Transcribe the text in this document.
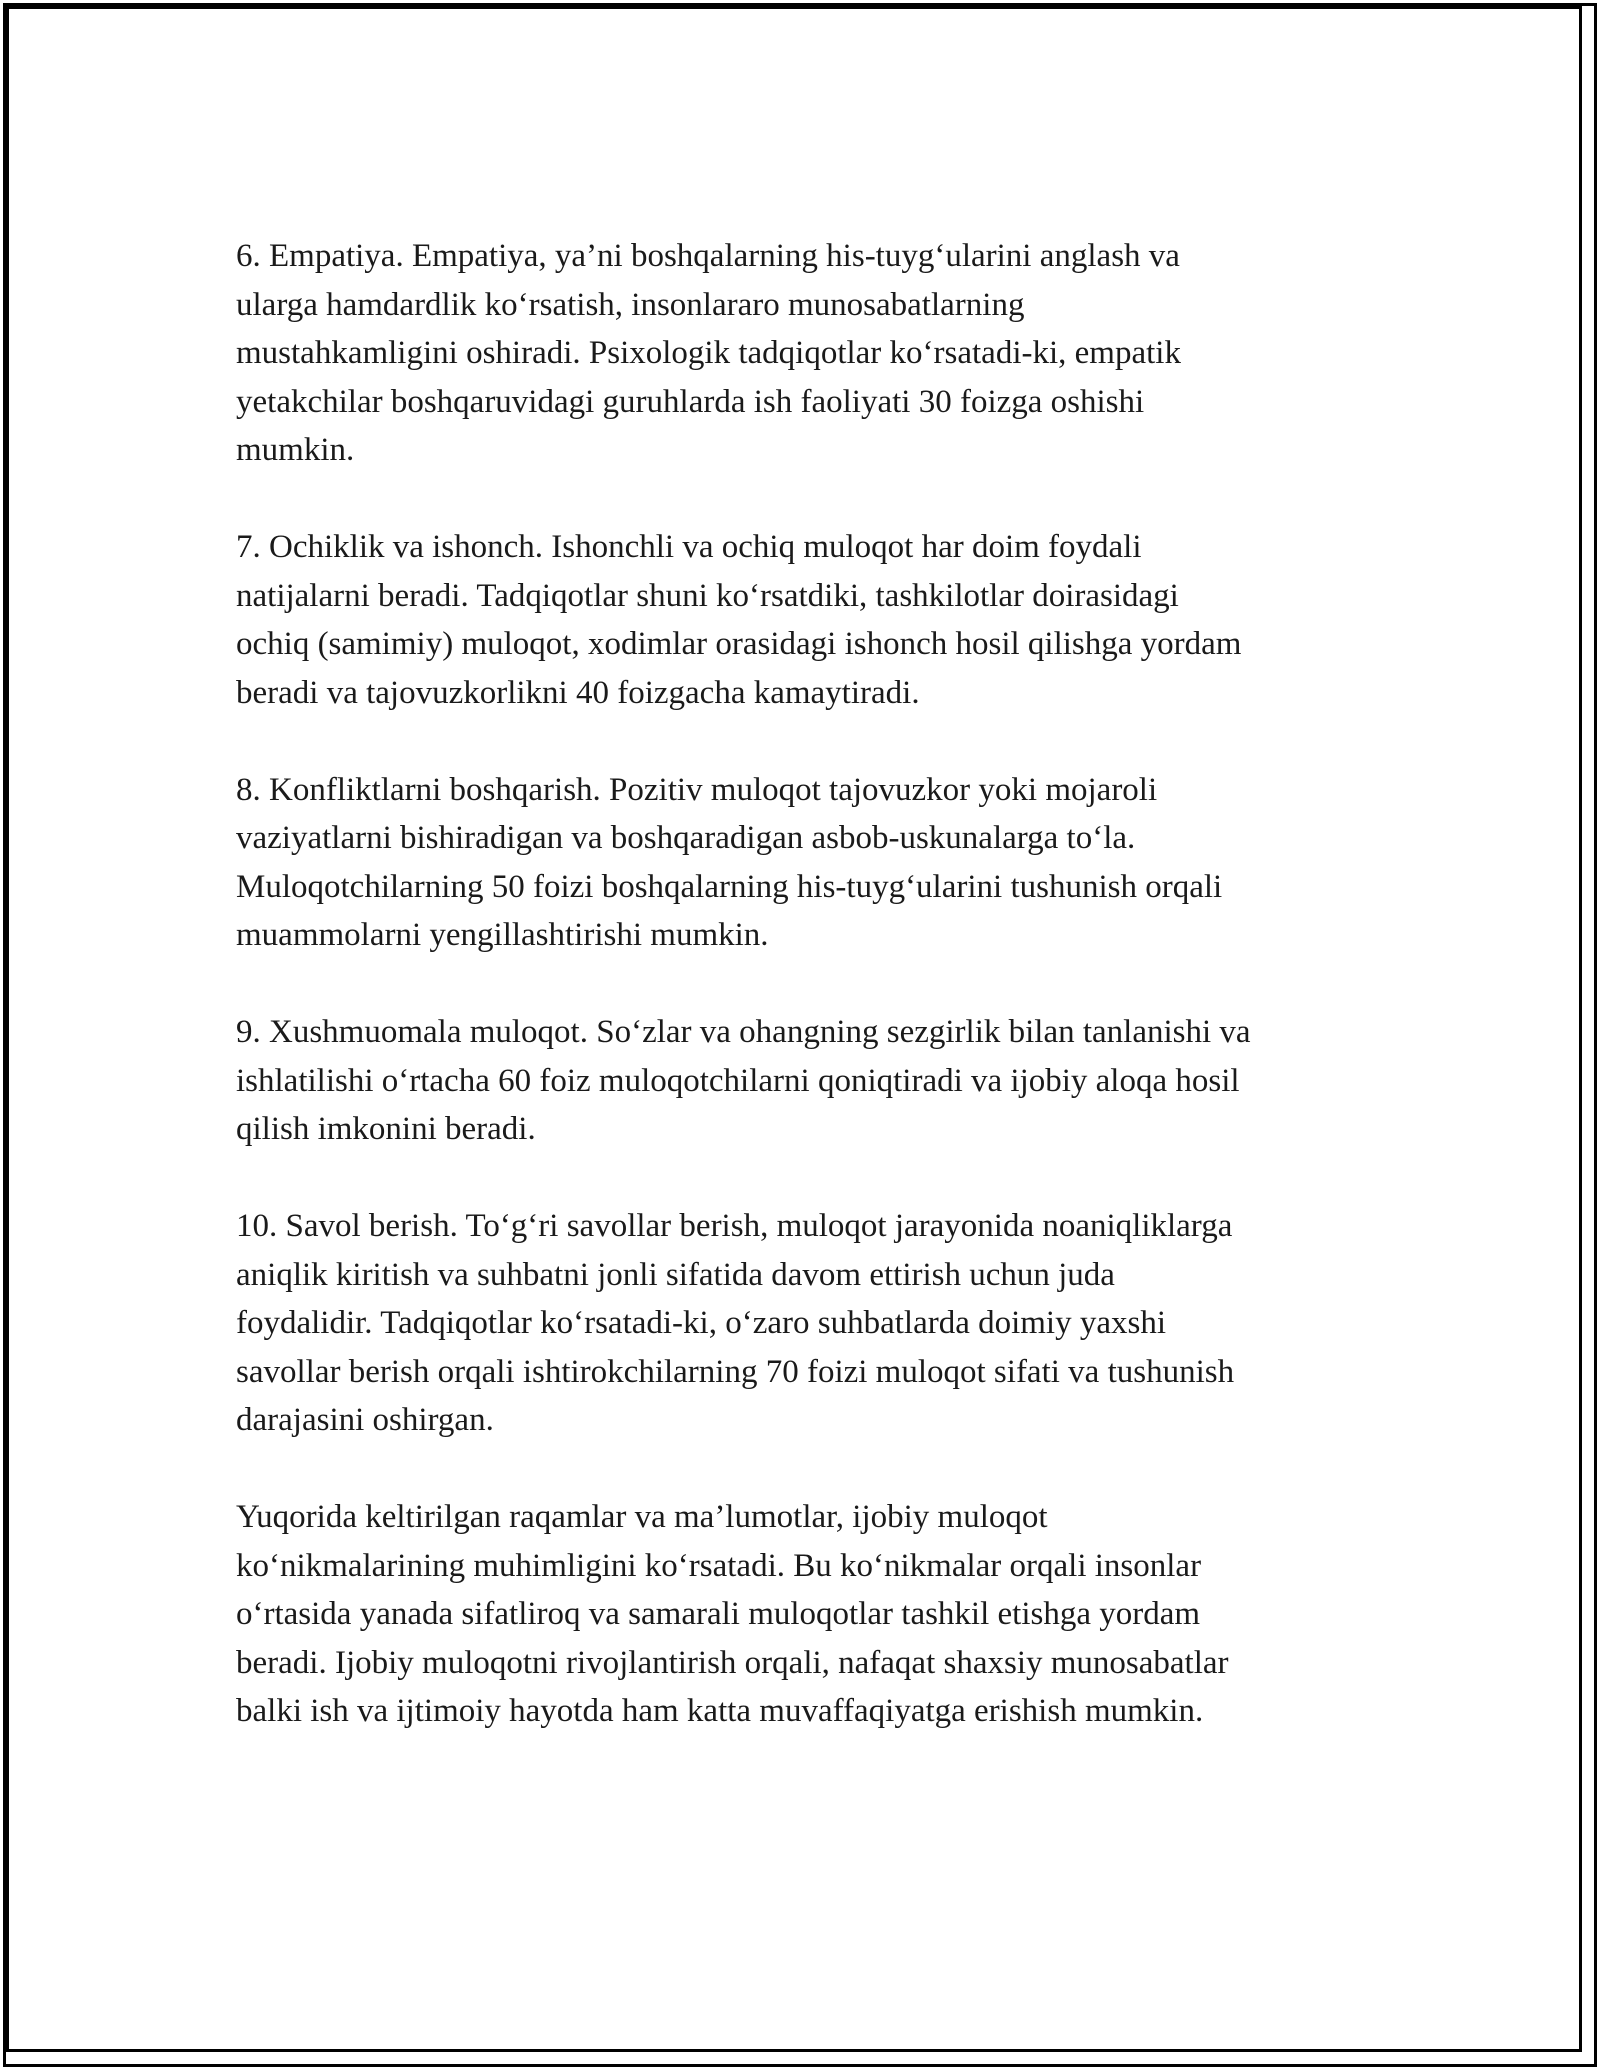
6. Empatiya. Empatiya, ya’ni boshqalarning his-tuyg‘ularini anglash va
ularga hamdardlik ko‘rsatish, insonlararo munosabatlarning
mustahkamligini oshiradi. Psixologik tadqiqotlar ko‘rsatadi-ki, empatik
yetakchilar boshqaruvidagi guruhlarda ish faoliyati 30 foizga oshishi
mumkin.

7. Ochiklik va ishonch. Ishonchli va ochiq muloqot har doim foydali
natijalarni beradi. Tadqiqotlar shuni ko‘rsatdiki, tashkilotlar doirasidagi
ochiq (samimiy) muloqot, xodimlar orasidagi ishonch hosil qilishga yordam
beradi va tajovuzkorlikni 40 foizgacha kamaytiradi.

8. Konfliktlarni boshqarish. Pozitiv muloqot tajovuzkor yoki mojaroli
vaziyatlarni bishiradigan va boshqaradigan asbob-uskunalarga to‘la.
Muloqotchilarning 50 foizi boshqalarning his-tuyg‘ularini tushunish orqali
muammolarni yengillashtirishi mumkin.

9. Xushmuomala muloqot. So‘zlar va ohangning sezgirlik bilan tanlanishi va
ishlatilishi o‘rtacha 60 foiz muloqotchilarni qoniqtiradi va ijobiy aloqa hosil
qilish imkonini beradi.

10. Savol berish. To‘g‘ri savollar berish, muloqot jarayonida noaniqliklarga
aniqlik kiritish va suhbatni jonli sifatida davom ettirish uchun juda
foydalidir. Tadqiqotlar ko‘rsatadi-ki, o‘zaro suhbatlarda doimiy yaxshi
savollar berish orqali ishtirokchilarning 70 foizi muloqot sifati va tushunish
darajasini oshirgan.

Yuqorida keltirilgan raqamlar va ma’lumotlar, ijobiy muloqot
ko‘nikmalarining muhimligini ko‘rsatadi. Bu ko‘nikmalar orqali insonlar
o‘rtasida yanada sifatliroq va samarali muloqotlar tashkil etishga yordam
beradi. Ijobiy muloqotni rivojlantirish orqali, nafaqat shaxsiy munosabatlar
balki ish va ijtimoiy hayotda ham katta muvaffaqiyatga erishish mumkin.
